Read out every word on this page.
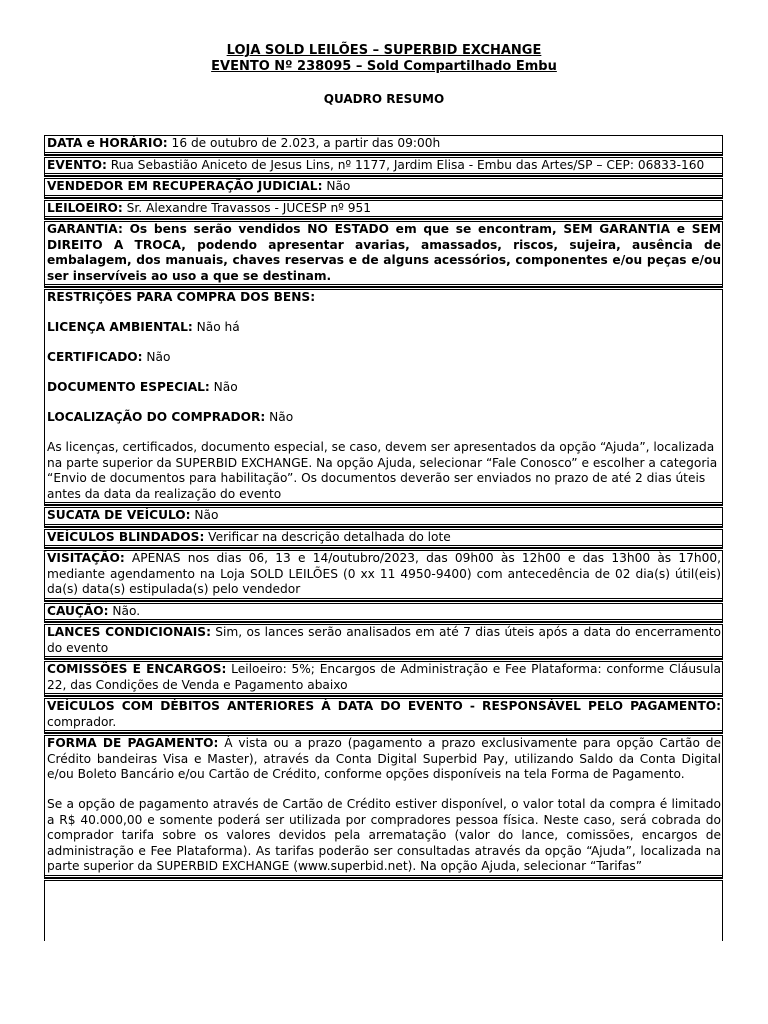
LOJA SOLD LEILÕES – SUPERBID EXCHANGE
EVENTO Nº 238095 – Sold Compartilhado Embu
QUADRO RESUMO
DATA e HORÁRIO: 16 de outubro de 2.023, a partir das 09:00h
EVENTO: Rua Sebastião Aniceto de Jesus Lins, nº 1177, Jardim Elisa - Embu das Artes/SP – CEP: 06833-160
VENDEDOR EM RECUPERAÇÃO JUDICIAL: Não
LEILOEIRO: Sr. Alexandre Travassos - JUCESP nº 951
GARANTIA: Os bens serão vendidos NO ESTADO em que se encontram, SEM GARANTIA e SEM DIREITO A TROCA, podendo apresentar avarias, amassados, riscos, sujeira, ausência de embalagem, dos manuais, chaves reservas e de alguns acessórios, componentes e/ou peças e/ou ser inservíveis ao uso a que se destinam.

RESTRIÇÕES PARA COMPRA DOS BENS:

LICENÇA AMBIENTAL: Não há

CERTIFICADO: Não

DOCUMENTO ESPECIAL: Não

LOCALIZAÇÃO DO COMPRADOR: Não

As licenças, certificados, documento especial, se caso, devem ser apresentados da opção “Ajuda”, localizada na parte superior da SUPERBID EXCHANGE. Na opção Ajuda, selecionar “Fale Conosco” e escolher a categoria “Envio de documentos para habilitação”. Os documentos deverão ser enviados no prazo de até 2 dias úteis antes da data da realização do evento

SUCATA DE VEÍCULO: Não
VEÍCULOS BLINDADOS: Verificar na descrição detalhada do lote
VISITAÇÃO: APENAS nos dias 06, 13 e 14/outubro/2023, das 09h00 às 12h00 e das 13h00 às 17h00, mediante agendamento na Loja SOLD LEILÕES (0 xx 11 4950-9400) com antecedência de 02 dia(s) útil(eis) da(s) data(s) estipulada(s) pelo vendedor
CAUÇÃO: Não.
LANCES CONDICIONAIS: Sim, os lances serão analisados em até 7 dias úteis após a data do encerramento do evento
COMISSÕES E ENCARGOS: Leiloeiro: 5%; Encargos de Administração e Fee Plataforma: conforme Cláusula 22, das Condições de Venda e Pagamento abaixo
VEÍCULOS COM DÉBITOS ANTERIORES À DATA DO EVENTO - RESPONSÁVEL PELO PAGAMENTO: comprador.

FORMA DE PAGAMENTO: À vista ou a prazo (pagamento a prazo exclusivamente para opção Cartão de Crédito bandeiras Visa e Master), através da Conta Digital Superbid Pay, utilizando Saldo da Conta Digital e/ou Boleto Bancário e/ou Cartão de Crédito, conforme opções disponíveis na tela Forma de Pagamento.

Se a opção de pagamento através de Cartão de Crédito estiver disponível, o valor total da compra é limitado a R$ 40.000,00 e somente poderá ser utilizada por compradores pessoa física. Neste caso, será cobrada do comprador tarifa sobre os valores devidos pela arrematação (valor do lance, comissões, encargos de administração e Fee Plataforma). As tarifas poderão ser consultadas através da opção “Ajuda”, localizada na parte superior da SUPERBID EXCHANGE (www.superbid.net). Na opção Ajuda, selecionar “Tarifas”
